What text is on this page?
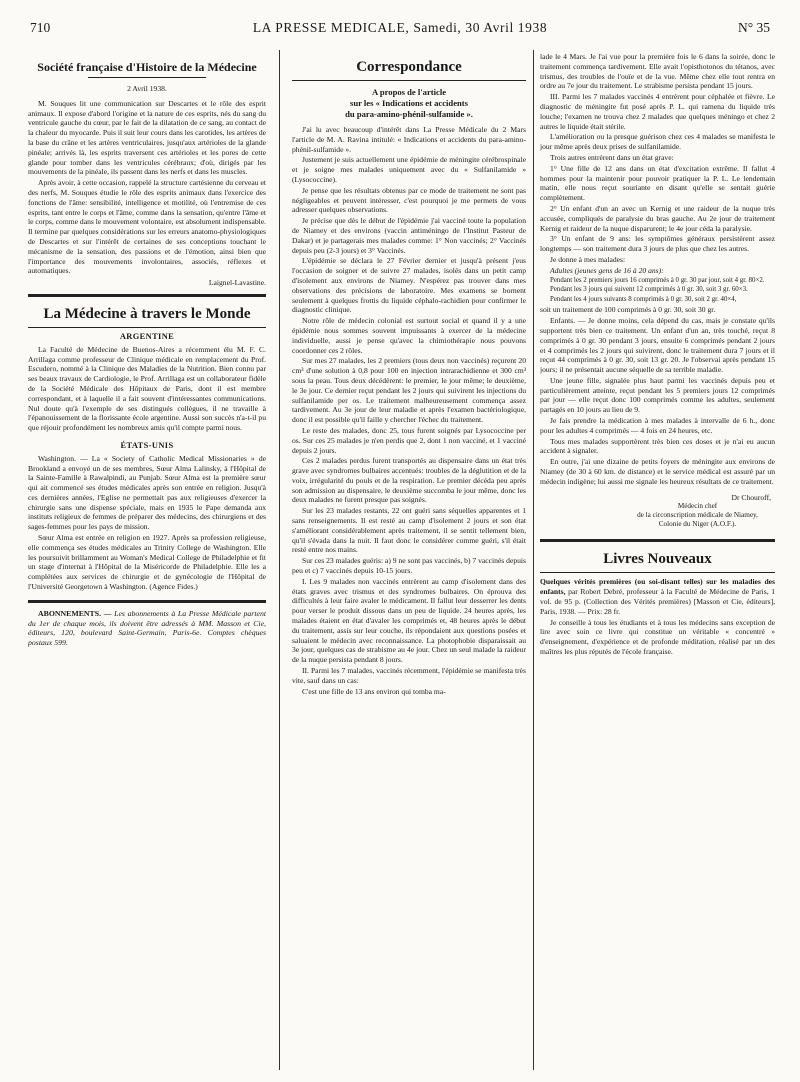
710	LA PRESSE MEDICALE, Samedi, 30 Avril 1938	N° 35
Société française d'Histoire de la Médecine
2 Avril 1938.

M. Souques lit une communication sur Descartes et le rôle des esprit animaux. Il expose d'abord l'origine et la nature de ces esprits, nés du sang du ventricule gauche du cœur, par le fait de la dilatation de ce sang, au contact de la chaleur du myocarde. Puis il suit leur cours dans les carotides, les artères de la base du crâne et les artères ventriculaires, jusqu'aux artérioles de la glande pinéale; arrivés là, les esprits traversent ces artérioles et les pores de cette glande pour tomber dans les ventricules cérébraux; d'où, dirigés par les mouvements de la pinéale, ils passent dans les nerfs et dans les muscles.

Après avoir, à cette occasion, rappelé la structure cartésienne du cerveau et des nerfs, M. Souques étudie le rôle des esprits animaux dans l'exercice des fonctions de l'âme: sensibilité, intelligence et motilité, où l'entremise de ces esprits, tant entre le corps et l'âme, comme dans la sensation, qu'entre l'âme et le corps, comme dans le mouvement volontaire, est absolument indispensable. Il termine par quelques considérations sur les erreurs anatomo-physiologiques de Descartes et sur l'intérêt de certaines de ses conceptions touchant le mécanisme de la sensation, des passions et de l'émotion, ainsi bien que l'importance des mouvements involontaires, associés, réflexes et automatiques.

Laignel-Lavastine.
La Médecine à travers le Monde
ARGENTINE

La Faculté de Médecine de Buenos-Aires a récemment élu M. F. C. Arrillaga comme professeur de Clinique médicale en remplacement du Prof. Escudero, nommé à la Clinique des Maladies de la Nutrition. Bien connu par ses beaux travaux de Cardiologie, le Prof. Arrillaga est un collaborateur fidèle de la Société Médicale des Hôpitaux de Paris, dont il est membre correspondant, et à laquelle il a fait souvent d'intéressantes communications. Nul doute qu'à l'exemple de ses distingués collègues, il ne travaille à l'épanouissement de la florissante école argentine. Aussi son succès n'a-t-il pu que réjouir profondément les nombreux amis qu'il compte parmi nous.

ÉTATS-UNIS

Washington. — La « Society of Catholic Medical Missionaries » de Brookland a envoyé un de ses membres, Sœur Alma Lalinsky, à l'Hôpital de la Sainte-Famille à Rawalpindi, au Punjab. Sœur Alma est la première sœur qui ait commencé ses études médicales après son entrée en religion. Jusqu'à ces dernières années, l'Eglise ne permettait pas aux religieuses d'exercer la chirurgie sans une dispense spéciale, mais en 1935 le Pape demanda aux instituts religieux de femmes de préparer des médecins, des chirurgiens et des sages-femmes pour les pays de mission.

Sœur Alma est entrée en religion en 1927. Après sa profession religieuse, elle commença ses études médicales au Trinity College de Washington. Elle les poursuivit brillamment au Woman's Medical College de Philadelphie et fit un stage d'internat à l'Hôpital de la Miséricorde de Philadelphie. Elle les a complétées aux services de chirurgie et de gynécologie de l'Hôpital de l'Université Georgetown à Washington. (Agence Fides.)

ABONNEMENTS. — Les abonnements à La Presse Médicale partent du 1er de chaque mois, ils doivent être adressés à MM. Masson et Cie, éditeurs, 120, boulevard Saint-Germain, Paris-6e. Comptes chèques postaux 599.

Correspondance
A propos de l'article
sur les « Indications et accidents
du para-amino-phénil-sulfamide ».

J'ai lu avec beaucoup d'intérêt dans La Presse Médicale du 2 Mars l'article de M. A. Ravina intitulé: « Indications et accidents du para-amino-phénil-sulfamide ».

Justement je suis actuellement une épidémie de méningite cérébrospinale et je soigne mes malades uniquement avec du « Sulfanilamide » (Lysococcine).

Je pense que les résultats obtenus par ce mode de traitement ne sont pas négligeables et peuvent intéresser, c'est pourquoi je me permets de vous adresser quelques observations.

Je précise que dès le début de l'épidémie j'ai vacciné toute la population de Niamey et des environs (vaccin antiméningo de l'Institut Pasteur de Dakar) et je partagerais mes malades comme: 1° Non vaccinés; 2° Vaccinés depuis peu (2-3 jours) et 3° Vaccinés.

L'épidémie se déclara le 27 Février dernier et jusqu'à présent j'eus l'occasion de soigner et de suivre 27 malades, isolés dans un petit camp d'isolement aux environs de Niamey. N'espérez pas trouver dans mes observations des précisions de laboratoire. Mes examens se bornent seulement à quelques frottis du liquide céphalo-rachidien pour confirmer le diagnostic clinique.

Notre rôle de médecin colonial est surtout social et quand il y a une épidémie nous sommes souvent impuissants à exercer de la médecine individuelle, aussi je pense qu'avec la chimiothérapie nous pouvons coordonner ces 2 rôles.

Sur mes 27 malades, les 2 premiers (tous deux non vaccinés) reçurent 20 cm³ d'une solution à 0,8 pour 100 en injection intrarachidienne et 300 cm³ sous la peau. Tous deux décédèrent: le premier, le jour même; le deuxième, le 3e jour. Ce dernier reçut pendant les 2 jours qui suivirent les injections du sulfanilamide per os. Le traitement malheureusement commença assez tardivement. Au 3e jour de leur maladie et après l'examen bactériologique, donc il est possible qu'il faille y chercher l'échec du traitement.

Le reste des malades, donc 25, tous furent soignés par Lysococcine per os. Sur ces 25 malades je n'en perdis que 2, dont 1 non vacciné, et 1 vacciné depuis 2 jours.

Ces 2 malades perdus furent transportés au dispensaire dans un état très grave avec syndromes bulbaires accentués: troubles de la déglutition et de la voix, irrégularité du pouls et de la respiration. Le premier décéda peu après son admission au dispensaire, le deuxième succomba le jour même, donc les deux malades ne furent presque pas soignés.

Sur les 23 malades restants, 22 ont guéri sans séquelles apparentes et 1 sans renseignements. Il est resté au camp d'isolement 2 jours et son état s'améliorant considérablement après traitement, il se sentit tellement bien, qu'il s'évada dans la nuit. Il faut donc le considérer comme guéri, s'il était resté entre nos mains.

Sur ces 23 malades guéris: a) 9 ne sont pas vaccinés, b) 7 vaccinés depuis peu et c) 7 vaccinés depuis 10-15 jours.

I. Les 9 malades non vaccinés entrèrent au camp d'isolement dans des états graves avec trismus et des syndromes bulbaires. On éprouva des difficultés à leur faire avaler le médicament. Il fallut leur desserrer les dents pour verser le produit dissous dans un peu de liquide. 24 heures après, les malades étaient en état d'avaler les comprimés et, 48 heures après le début du traitement, assis sur leur couche, ils répondaient aux questions posées et saluaient le médecin avec reconnaissance. La photophobie disparaissait au 3e jour, quelques cas de strabisme au 4e jour. Chez un seul malade la raideur de la nuque persista pendant 8 jours.

II. Parmi les 7 malades, vaccinés récemment, l'épidémie se manifesta très vite, sauf dans un cas:

C'est une fille de 13 ans environ qui tomba ma-

lade le 4 Mars. Je l'ai vue pour la première fois le 6 dans la soirée, donc le traitement commença tardivement. Elle avait l'opisthotonos du tétanos, avec trismus, des troubles de l'ouïe et de la vue. Même chez elle tout rentra en ordre au 7e jour du traitement. Le strabisme persista pendant 15 jours.

III. Parmi les 7 malades vaccinés 4 entrèrent pour céphalée et fièvre. Le diagnostic de méningite fut posé après P. L. qui ramena du liquide très louche; l'examen ne trouva chez 2 malades que quelques méningo et chez 2 autres le liquide était stérile.

L'amélioration ou la presque guérison chez ces 4 malades se manifesta le jour même après deux prises de sulfanilamide.

Trois autres entrèrent dans un état grave:

1° Une fille de 12 ans dans un état d'excitation extrême. Il fallut 4 hommes pour la maintenir pour pouvoir pratiquer la P. L. Le lendemain matin, elle nous reçut souriante en disant qu'elle se sentait guérie complètement.

2° Un enfant d'un an avec un Kernig et une raideur de la nuque très accusée, compliqués de paralysie du bras gauche. Au 2e jour de traitement Kernig et raideur de la nuque disparurent; le 4e jour céda la paralysie.

3° Un enfant de 9 ans: les symptômes généraux persistèrent assez longtemps — son traitement dura 3 jours de plus que chez les autres.

Je donne à mes malades:

Adultes (jeunes gens de 16 à 20 ans):

Pendant les 2 premiers jours 16 comprimés à 0 gr. 30 par jour, soit 4 gr. 80×2.

Pendant les 3 jours qui suivent 12 comprimés à 0 gr. 30, soit 3 gr. 60×3.

Pendant les 4 jours suivants 8 comprimés à 0 gr. 30, soit 2 gr. 40×4,

soit un traitement de 100 comprimés à 0 gr. 30, soit 30 gr.

Enfants. — Je donne moins, cela dépend du cas, mais je constate qu'ils supportent très bien ce traitement. Un enfant d'un an, très touché, reçut 8 comprimés à 0 gr. 30 pendant 3 jours, ensuite 6 comprimés pendant 2 jours et 4 comprimés les 2 jours qui suivirent, donc le traitement dura 7 jours et il reçut 44 comprimés à 0 gr. 30, soit 13 gr. 20. Je l'observai après pendant 15 jours; il ne présentait aucune séquelle de sa terrible maladie.

Une jeune fille, signalée plus haut parmi les vaccinés depuis peu et particulièrement atteinte, reçut pendant les 5 premiers jours 12 comprimés par jour — elle reçut donc 100 comprimés comme les adultes, seulement partagés en 10 jours au lieu de 9.

Je fais prendre la médication à mes malades à intervalle de 6 h., donc pour les adultes 4 comprimés — 4 fois en 24 heures, etc.

Tous mes malades supportèrent très bien ces doses et je n'ai eu aucun accident à signaler.

En outre, j'ai une dizaine de petits foyers de méningite aux environs de Niamey (de 30 à 60 km. de distance) et le service médical est assuré par un médecin indigène; lui aussi me signale les heureux résultats de ce traitement.

Dr Chouroff,
Médecin chef
de la circonscription médicale de Niamey,
Colonie du Niger (A.O.F.).
Livres Nouveaux

Quelques vérités premières (ou soi-disant telles) sur les maladies des enfants, par Robert Debré, professeur à la Faculté de Médecine de Paris, 1 vol. de 95 p. (Collection des Vérités premières) [Masson et Cie, éditeurs], Paris, 1938. — Prix: 28 fr.

Je conseille à tous les étudiants et à tous les médecins sans exception de lire avec soin ce livre qui constitue un véritable « concentré » d'enseignement, d'expérience et de profonde méditation, réalisé par un des maîtres les plus réputés de l'école française.
